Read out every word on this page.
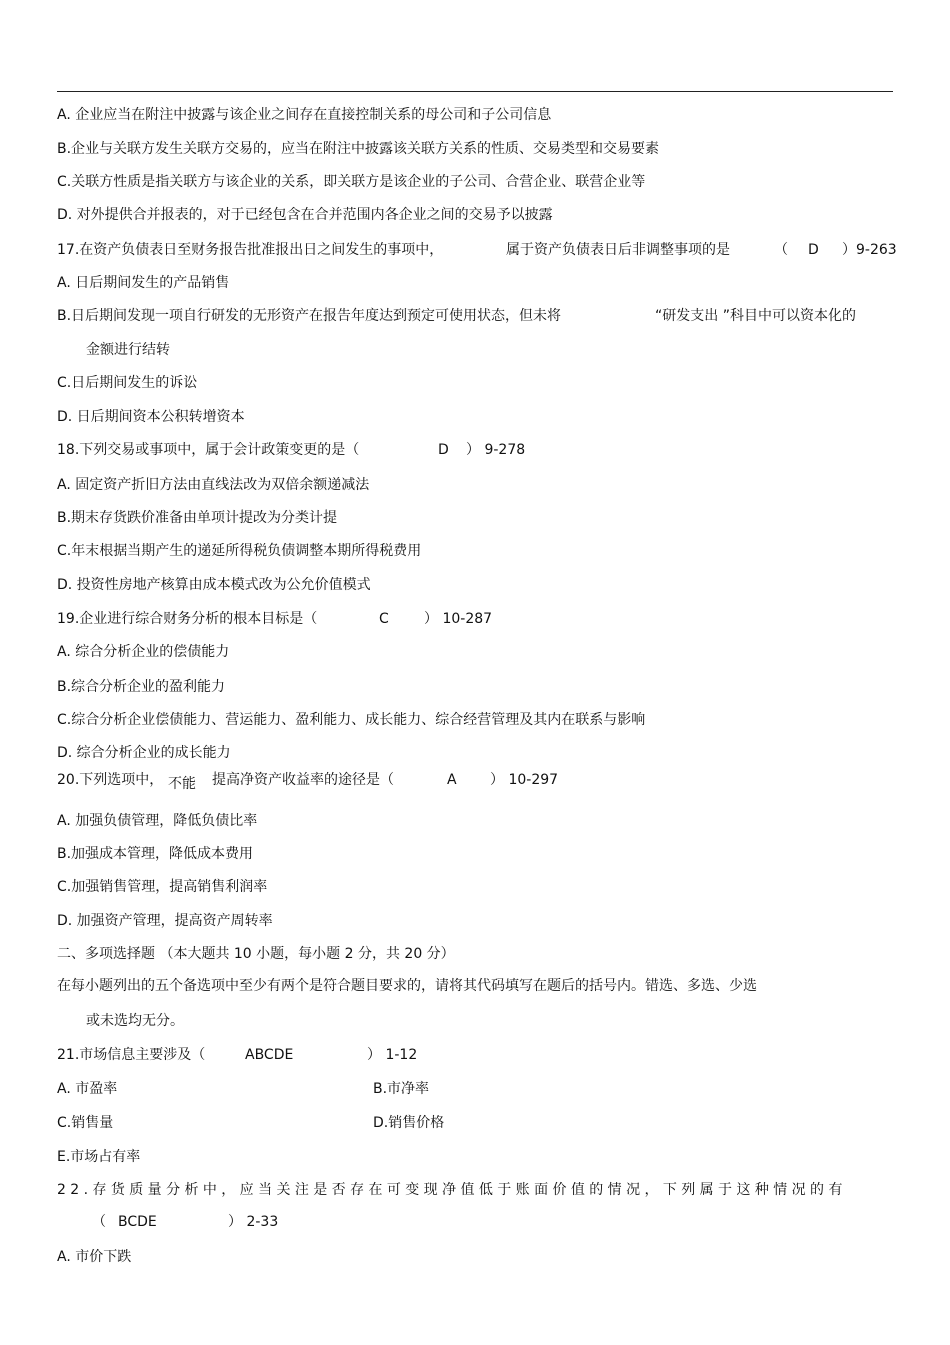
A. 企业应当在附注中披露与该企业之间存在直接控制关系的母公司和子公司信息
B.企业与关联方发生关联方交易的，应当在附注中披露该关联方关系的性质、交易类型和交易要素
C.关联方性质是指关联方与该企业的关系，即关联方是该企业的子公司、合营企业、联营企业等
D. 对外提供合并报表的，对于已经包含在合并范围内各企业之间的交易予以披露
17.在资产负债表日至财务报告批准报出日之间发生的事项中，	属于资产负债表日后非调整事项的是	（ D ）9-263
A. 日后期间发生的产品销售
B.日后期间发现一项自行研发的无形资产在报告年度达到预定可使用状态，但未将	“研发支出 ”科目中可以资本化的
金额进行结转
C.日后期间发生的诉讼
D. 日后期间资本公积转增资本
18.下列交易或事项中，属于会计政策变更的是（	D ） 9-278
A. 固定资产折旧方法由直线法改为双倍余额递减法
B.期末存货跌价准备由单项计提改为分类计提
C.年末根据当期产生的递延所得税负债调整本期所得税费用
D. 投资性房地产核算由成本模式改为公允价值模式
19.企业进行综合财务分析的根本目标是（	C	） 10-287
A. 综合分析企业的偿债能力
B.综合分析企业的盈利能力
C.综合分析企业偿债能力、营运能力、盈利能力、成长能力、综合经营管理及其内在联系与影响
D. 综合分析企业的成长能力
20.下列选项中， 不能 提高净资产收益率的途径是（	A ） 10-297
A. 加强负债管理，降低负债比率
B.加强成本管理，降低成本费用
C.加强销售管理，提高销售利润率
D. 加强资产管理，提高资产周转率
二、多项选择题 （本大题共 10 小题，每小题 2 分，共 20 分）
在每小题列出的五个备选项中至少有两个是符合题目要求的，请将其代码填写在题后的括号内。错选、多选、少选
或未选均无分。
21.市场信息主要涉及（	ABCDE	） 1-12
A. 市盈率	B.市净率
C.销售量	D.销售价格
E.市场占有率
22.存货质量分析中，应当关注是否存在可变现净值低于账面价值的情况，下列属于这种情况的有
（ BCDE	） 2-33
A. 市价下跌
